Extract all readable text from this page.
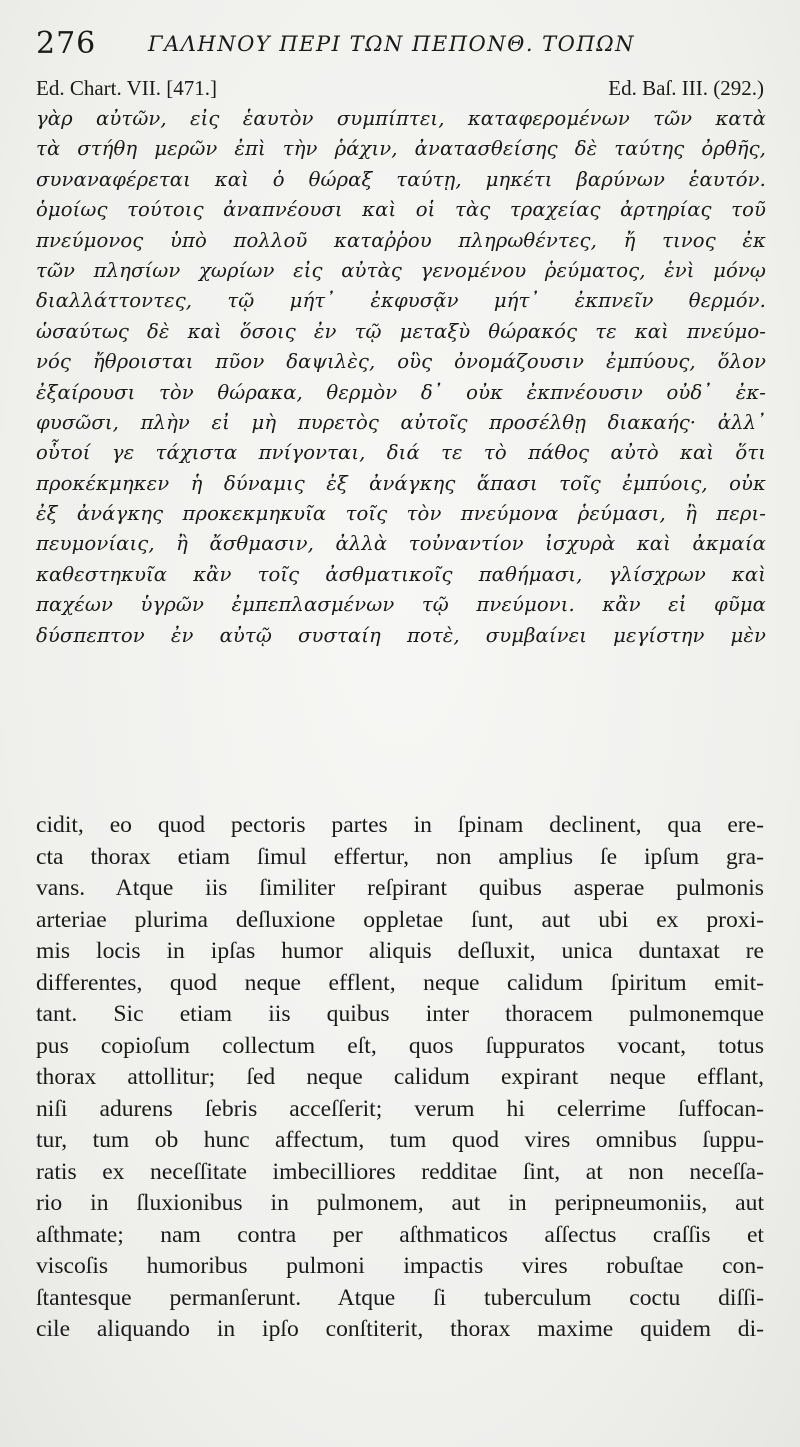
276 ΓΑΛΗΝΟΥ ΠΕΡΙ ΤΩΝ ΠΕΠΟΝΘ. ΤΟΠΩΝ
Ed. Chart. VII. [471.]	Ed. Baſ. III. (292.)
γὰρ αὐτῶν, εἰς ἑαυτὸν συμπίπτει, καταφερομένων τῶν κατὰ
τὰ στήθη μερῶν ἐπὶ τὴν ῥάχιν, ἀνατασθείσης δὲ ταύτης ὀρθῆς,
συναναφέρεται καὶ ὁ θώραξ ταύτῃ, μηκέτι βαρύνων ἑαυτόν.
ὁμοίως τούτοις ἀναπνέουσι καὶ οἱ τὰς τραχείας ἀρτηρίας τοῦ
πνεύμονος ὑπὸ πολλοῦ καταῤῥου πληρωθέντες, ἤ τινος ἐκ
τῶν πλησίων χωρίων εἰς αὐτὰς γενομένου ῥεύματος, ἑνὶ μόνῳ
διαλλάττοντες, τῷ μήτ᾽ ἐκφυσᾷν μήτ᾽ ἐκπνεῖν θερμόν.
ὡσαύτως δὲ καὶ ὅσοις ἐν τῷ μεταξὺ θώρακός τε καὶ πνεύμο-
νός ἤθροισται πῦον δαψιλὲς, οὓς ὀνομάζουσιν ἐμπύους, ὅλον
ἐξαίρουσι τὸν θώρακα, θερμὸν δ᾽ οὐκ ἐκπνέουσιν οὐδ᾽ ἐκ-
φυσῶσι, πλὴν εἰ μὴ πυρετὸς αὐτοῖς προσέλθῃ διακαής· ἀλλ᾽
οὗτοί γε τάχιστα πνίγονται, διά τε τὸ πάθος αὐτὸ καὶ ὅτι
προκέκμηκεν ἡ δύναμις ἐξ ἀνάγκης ἅπασι τοῖς ἐμπύοις, οὐκ
ἐξ ἀνάγκης προκεκμηκυῖα τοῖς τὸν πνεύμονα ῥεύμασι, ἢ περι-
πευμονίαις, ἢ ἄσθμασιν, ἀλλὰ τοὐναντίον ἰσχυρὰ καὶ ἀκμαία
καθεστηκυῖα κἂν τοῖς ἀσθματικοῖς παθήμασι, γλίσχρων καὶ
παχέων ὑγρῶν ἐμπεπλασμένων τῷ πνεύμονι. κἂν εἰ φῦμα
δύσπεπτον ἐν αὐτῷ συσταίη ποτὲ, συμβαίνει μεγίστην μὲν
cidit, eo quod pectoris partes in ſpinam declinent, qua ere-
cta thorax etiam ſimul effertur, non amplius ſe ipſum gra-
vans. Atque iis ſimiliter reſpirant quibus asperae pulmonis
arteriae plurima deſluxione oppletae ſunt, aut ubi ex proxi-
mis locis in ipſas humor aliquis deſluxit, unica duntaxat re
differentes, quod neque efflent, neque calidum ſpiritum emit-
tant. Sic etiam iis quibus inter thoracem pulmonemque
pus copioſum collectum eſt, quos ſuppuratos vocant, totus
thorax attollitur; ſed neque calidum expirant neque efflant,
niſi adurens ſebris acceſſerit; verum hi celerrime ſuffocan-
tur, tum ob hunc affectum, tum quod vires omnibus ſuppu-
ratis ex neceſſitate imbecilliores redditae ſint, at non neceſſa-
rio in ſluxionibus in pulmonem, aut in peripneumoniis, aut
aſthmate; nam contra per aſthmaticos aſſectus craſſis et
viscoſis humoribus pulmoni impactis vires robuſtae con-
ſtantesque permanſerunt. Atque ſi tuberculum coctu diſſi-
cile aliquando in ipſo conſtiterit, thorax maxime quidem di-
